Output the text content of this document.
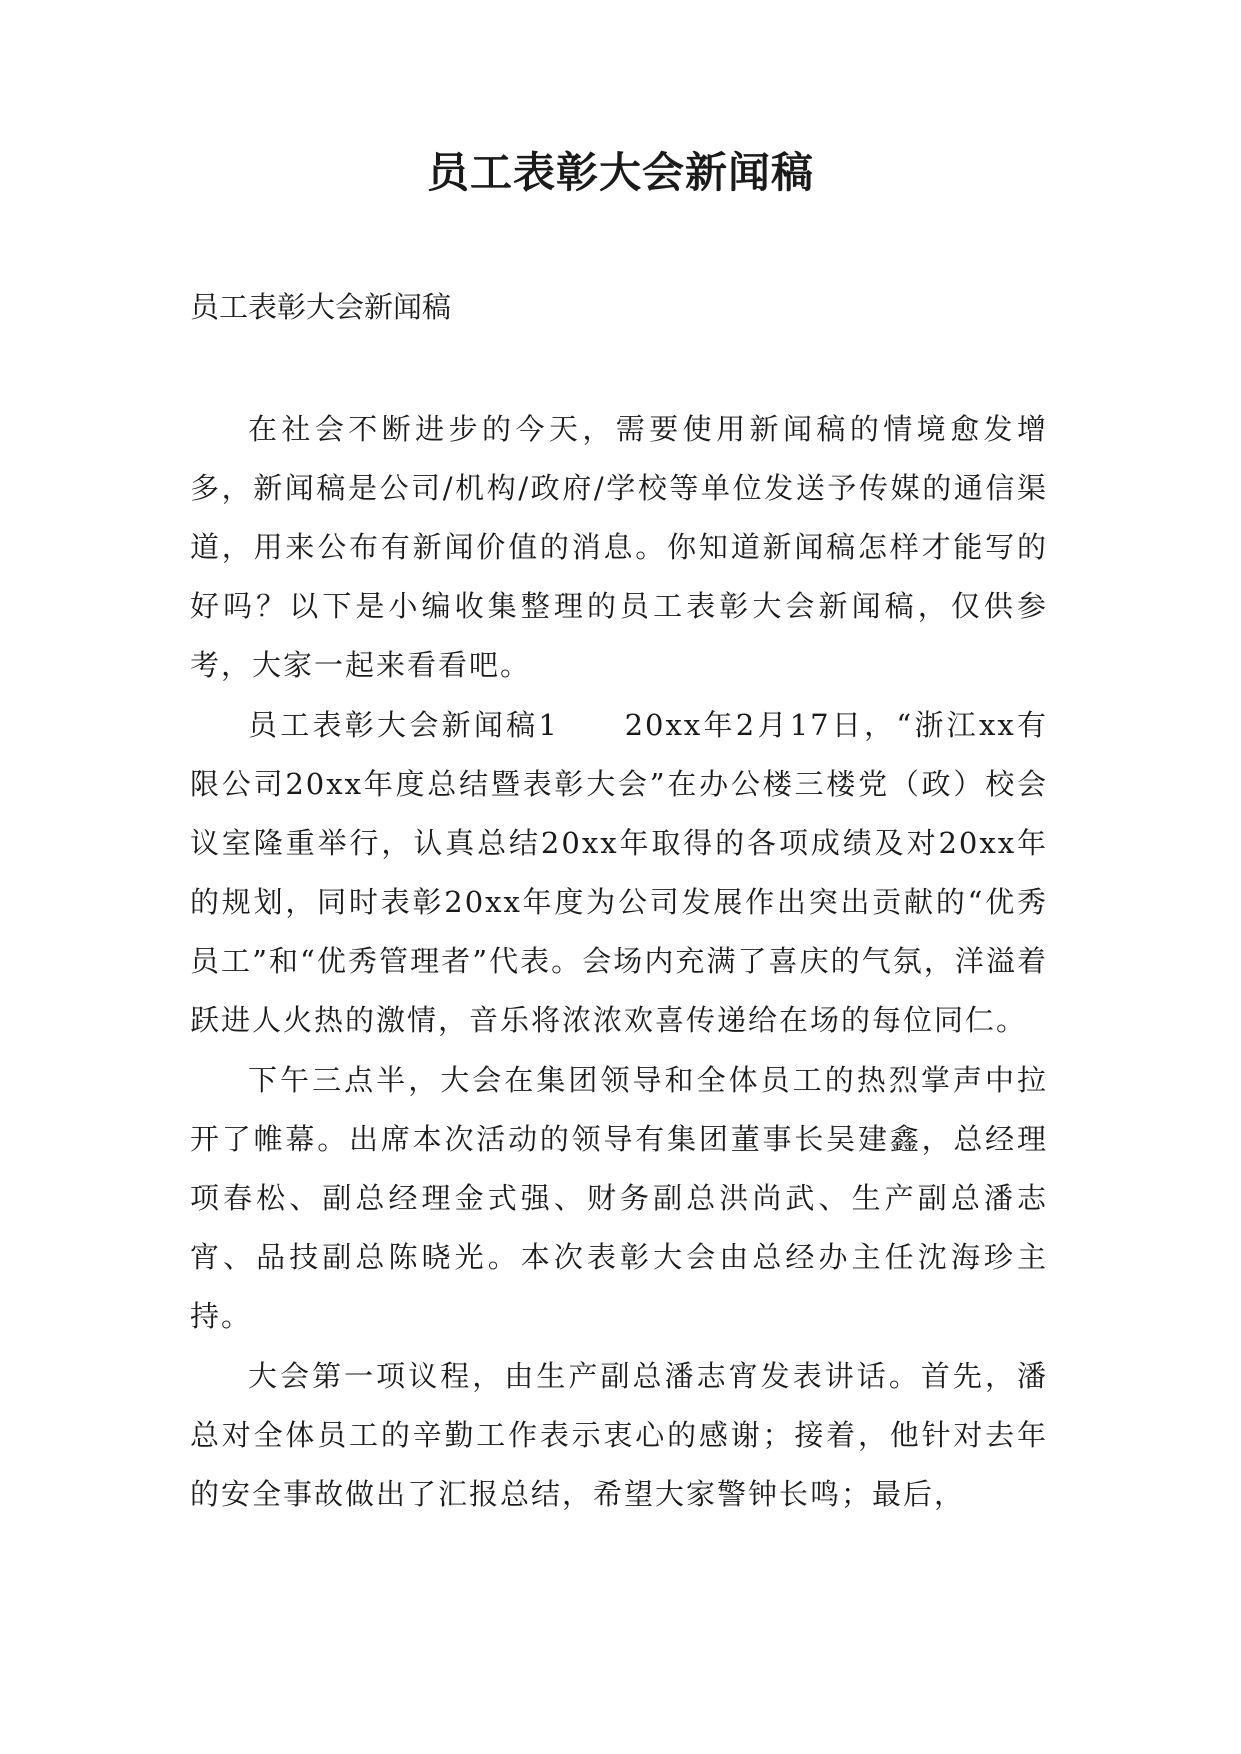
员工表彰大会新闻稿

员工表彰大会新闻稿

在社会不断进步的今天，需要使用新闻稿的情境愈发增多，新闻稿是公司/机构/政府/学校等单位发送予传媒的通信渠道，用来公布有新闻价值的消息。你知道新闻稿怎样才能写的好吗？以下是小编收集整理的员工表彰大会新闻稿，仅供参考，大家一起来看看吧。

员工表彰大会新闻稿1　　20xx年2月17日，“浙江xx有限公司20xx年度总结暨表彰大会”在办公楼三楼党（政）校会议室隆重举行，认真总结20xx年取得的各项成绩及对20xx年的规划，同时表彰20xx年度为公司发展作出突出贡献的“优秀员工”和“优秀管理者”代表。会场内充满了喜庆的气氛，洋溢着跃进人火热的激情，音乐将浓浓欢喜传递给在场的每位同仁。

下午三点半，大会在集团领导和全体员工的热烈掌声中拉开了帷幕。出席本次活动的领导有集团董事长吴建鑫，总经理项春松、副总经理金式强、财务副总洪尚武、生产副总潘志宵、品技副总陈晓光。本次表彰大会由总经办主任沈海珍主持。

大会第一项议程，由生产副总潘志宵发表讲话。首先，潘总对全体员工的辛勤工作表示衷心的感谢；接着，他针对去年的安全事故做出了汇报总结，希望大家警钟长鸣；最后，
